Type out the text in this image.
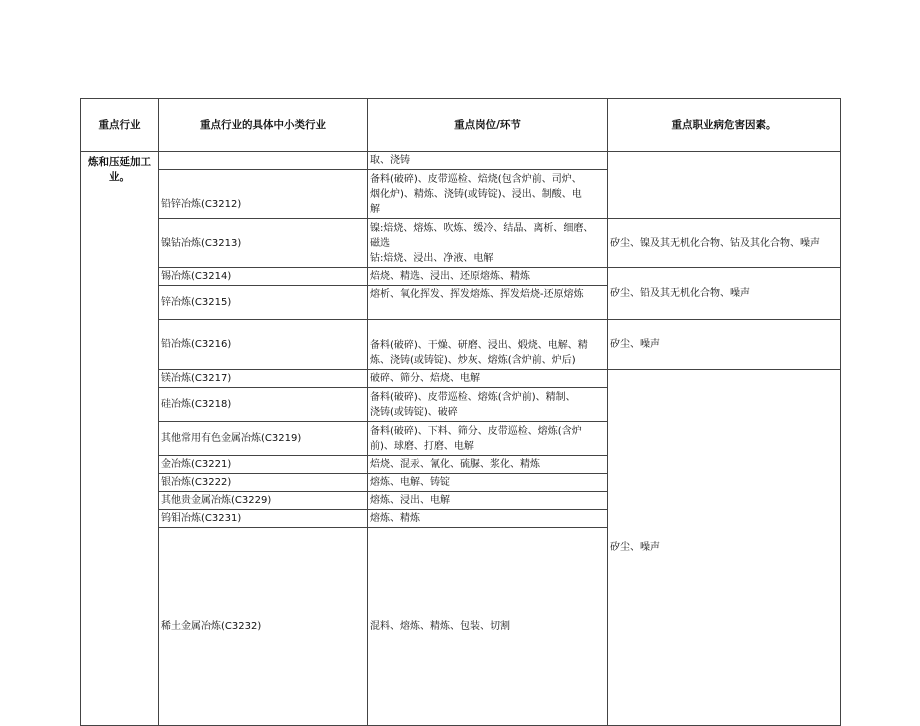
重点行业	重点行业的具体中小类行业	重点岗位/环节	重点职业病危害因素。	

炼和压延加工
业。		取、浇铸		

	铅锌冶炼(C3212)	备料(破碎)、皮带巡检、焙烧(包含炉前、司炉、
烟化炉)、精炼、浇铸(或铸锭)、浸出、制酸、电
解		

	镍钴冶炼(C3213)	镍:焙烧、熔炼、吹炼、缓冷、结晶、离析、细磨、
磁选
钴:焙烧、浸出、净液、电解	矽尘、镍及其无机化合物、钴及其化合物、噪声	
	锡冶炼(C3214)	焙烧、精选、浸出、还原熔炼、精炼	矽尘、铅及其无机化合物、噪声	
	锌冶炼(C3215)	熔析、氧化挥发、挥发熔炼、挥发焙烧-还原熔炼		

	铅冶炼(C3216)	备料(破碎)、干燥、研磨、浸出、煅烧、电解、精
炼、浇铸(或铸锭)、炒灰、熔炼(含炉前、炉后)	矽尘、噪声	
	镁冶炼(C3217)	破碎、筛分、焙烧、电解	矽尘、噪声	
	硅冶炼(C3218)	备料(破碎)、皮带巡检、熔炼(含炉前)、精制、
浇铸(或铸锭)、破碎		

	其他常用有色金属冶炼(C3219)	备料(破碎)、下料、筛分、皮带巡检、熔炼(含炉
前)、球磨、打磨、电解		

	金冶炼(C3221)	焙烧、混汞、氰化、硫脲、浆化、精炼		

	银冶炼(C3222)	熔炼、电解、铸锭		

	其他贵金属冶炼(C3229)	熔炼、浸出、电解		

	钨钼冶炼(C3231)	熔炼、精炼		

	稀土金属冶炼(C3232)	混料、熔炼、精炼、包装、切割
